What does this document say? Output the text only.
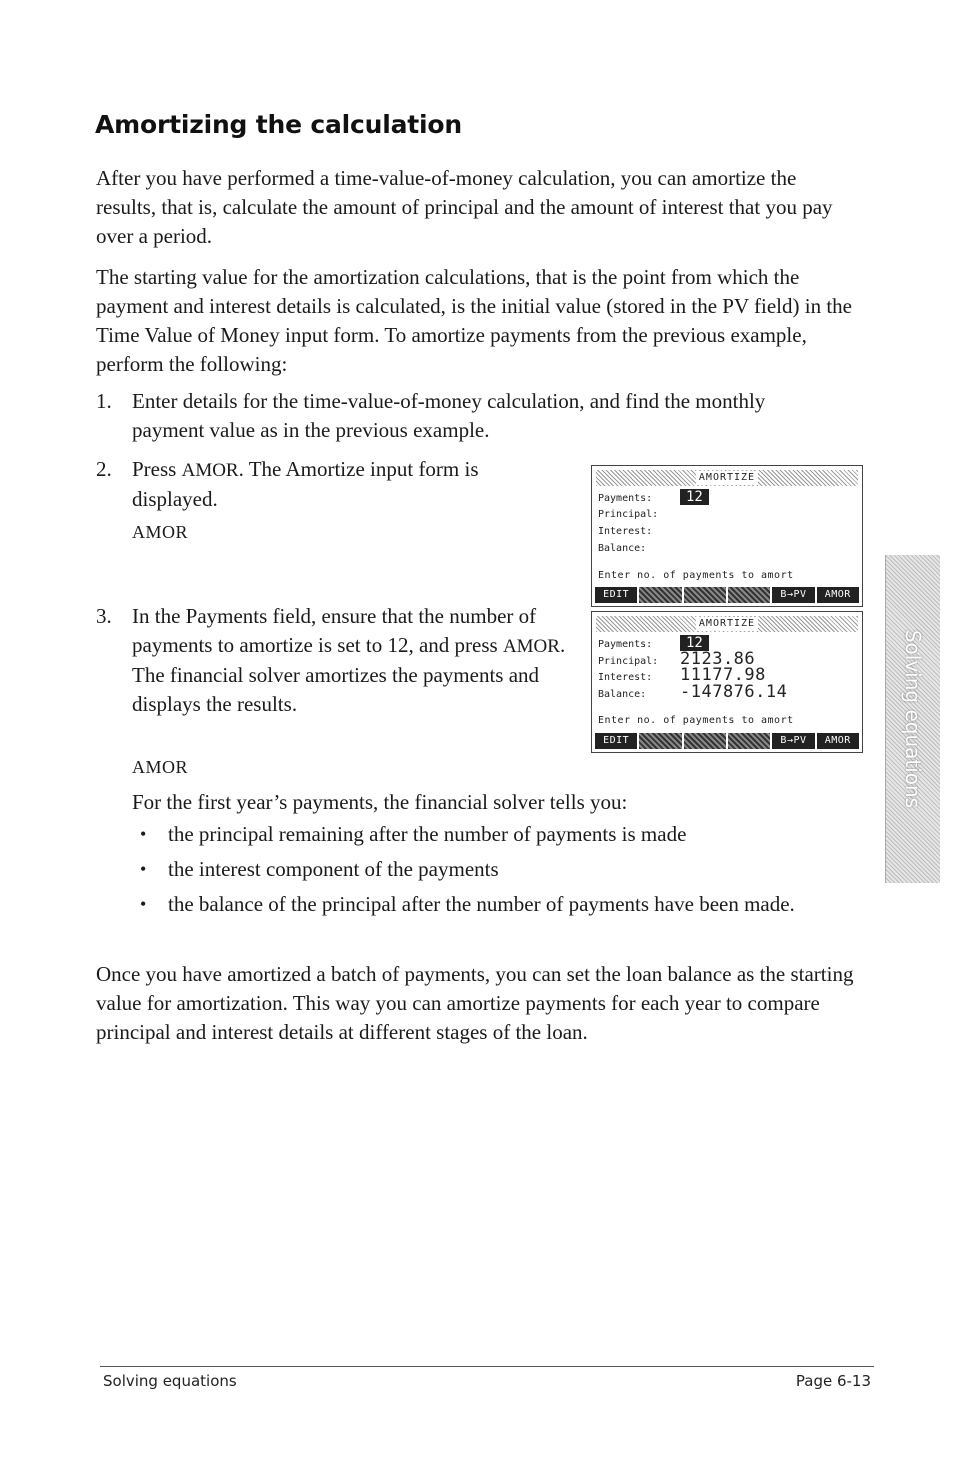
Amortizing the calculation

After you have performed a time-value-of-money calculation, you can amortize the results, that is, calculate the amount of principal and the amount of interest that you pay over a period.

The starting value for the amortization calculations, that is the point from which the payment and interest details is calculated, is the initial value (stored in the PV field) in the Time Value of Money input form. To amortize payments from the previous example, perform the following:

1. Enter details for the time-value-of-money calculation, and find the monthly payment value as in the previous example.
2. Press AMOR. The Amortize input form is displayed.
AMOR
3. In the Payments field, ensure that the number of payments to amortize is set to 12, and press AMOR. The financial solver amortizes the payments and displays the results.
AMOR

For the first year’s payments, the financial solver tells you:

• the principal remaining after the number of payments is made
• the interest component of the payments
• the balance of the principal after the number of payments have been made.

Once you have amortized a batch of payments, you can set the loan balance as the starting value for amortization. This way you can amortize payments for each year to compare principal and interest details at different stages of the loan.

AMORTIZE
Payments: 12
Principal:
Interest:
Balance:
Enter no. of payments to amort
EDIT	B→PV	AMOR
AMORTIZE
Payments: 12
Principal: 2123.86
Interest: 11177.98
Balance: -147876.14
Enter no. of payments to amort
EDIT	B→PV	AMOR	Solving equations
Solving equations	Page 6-13
